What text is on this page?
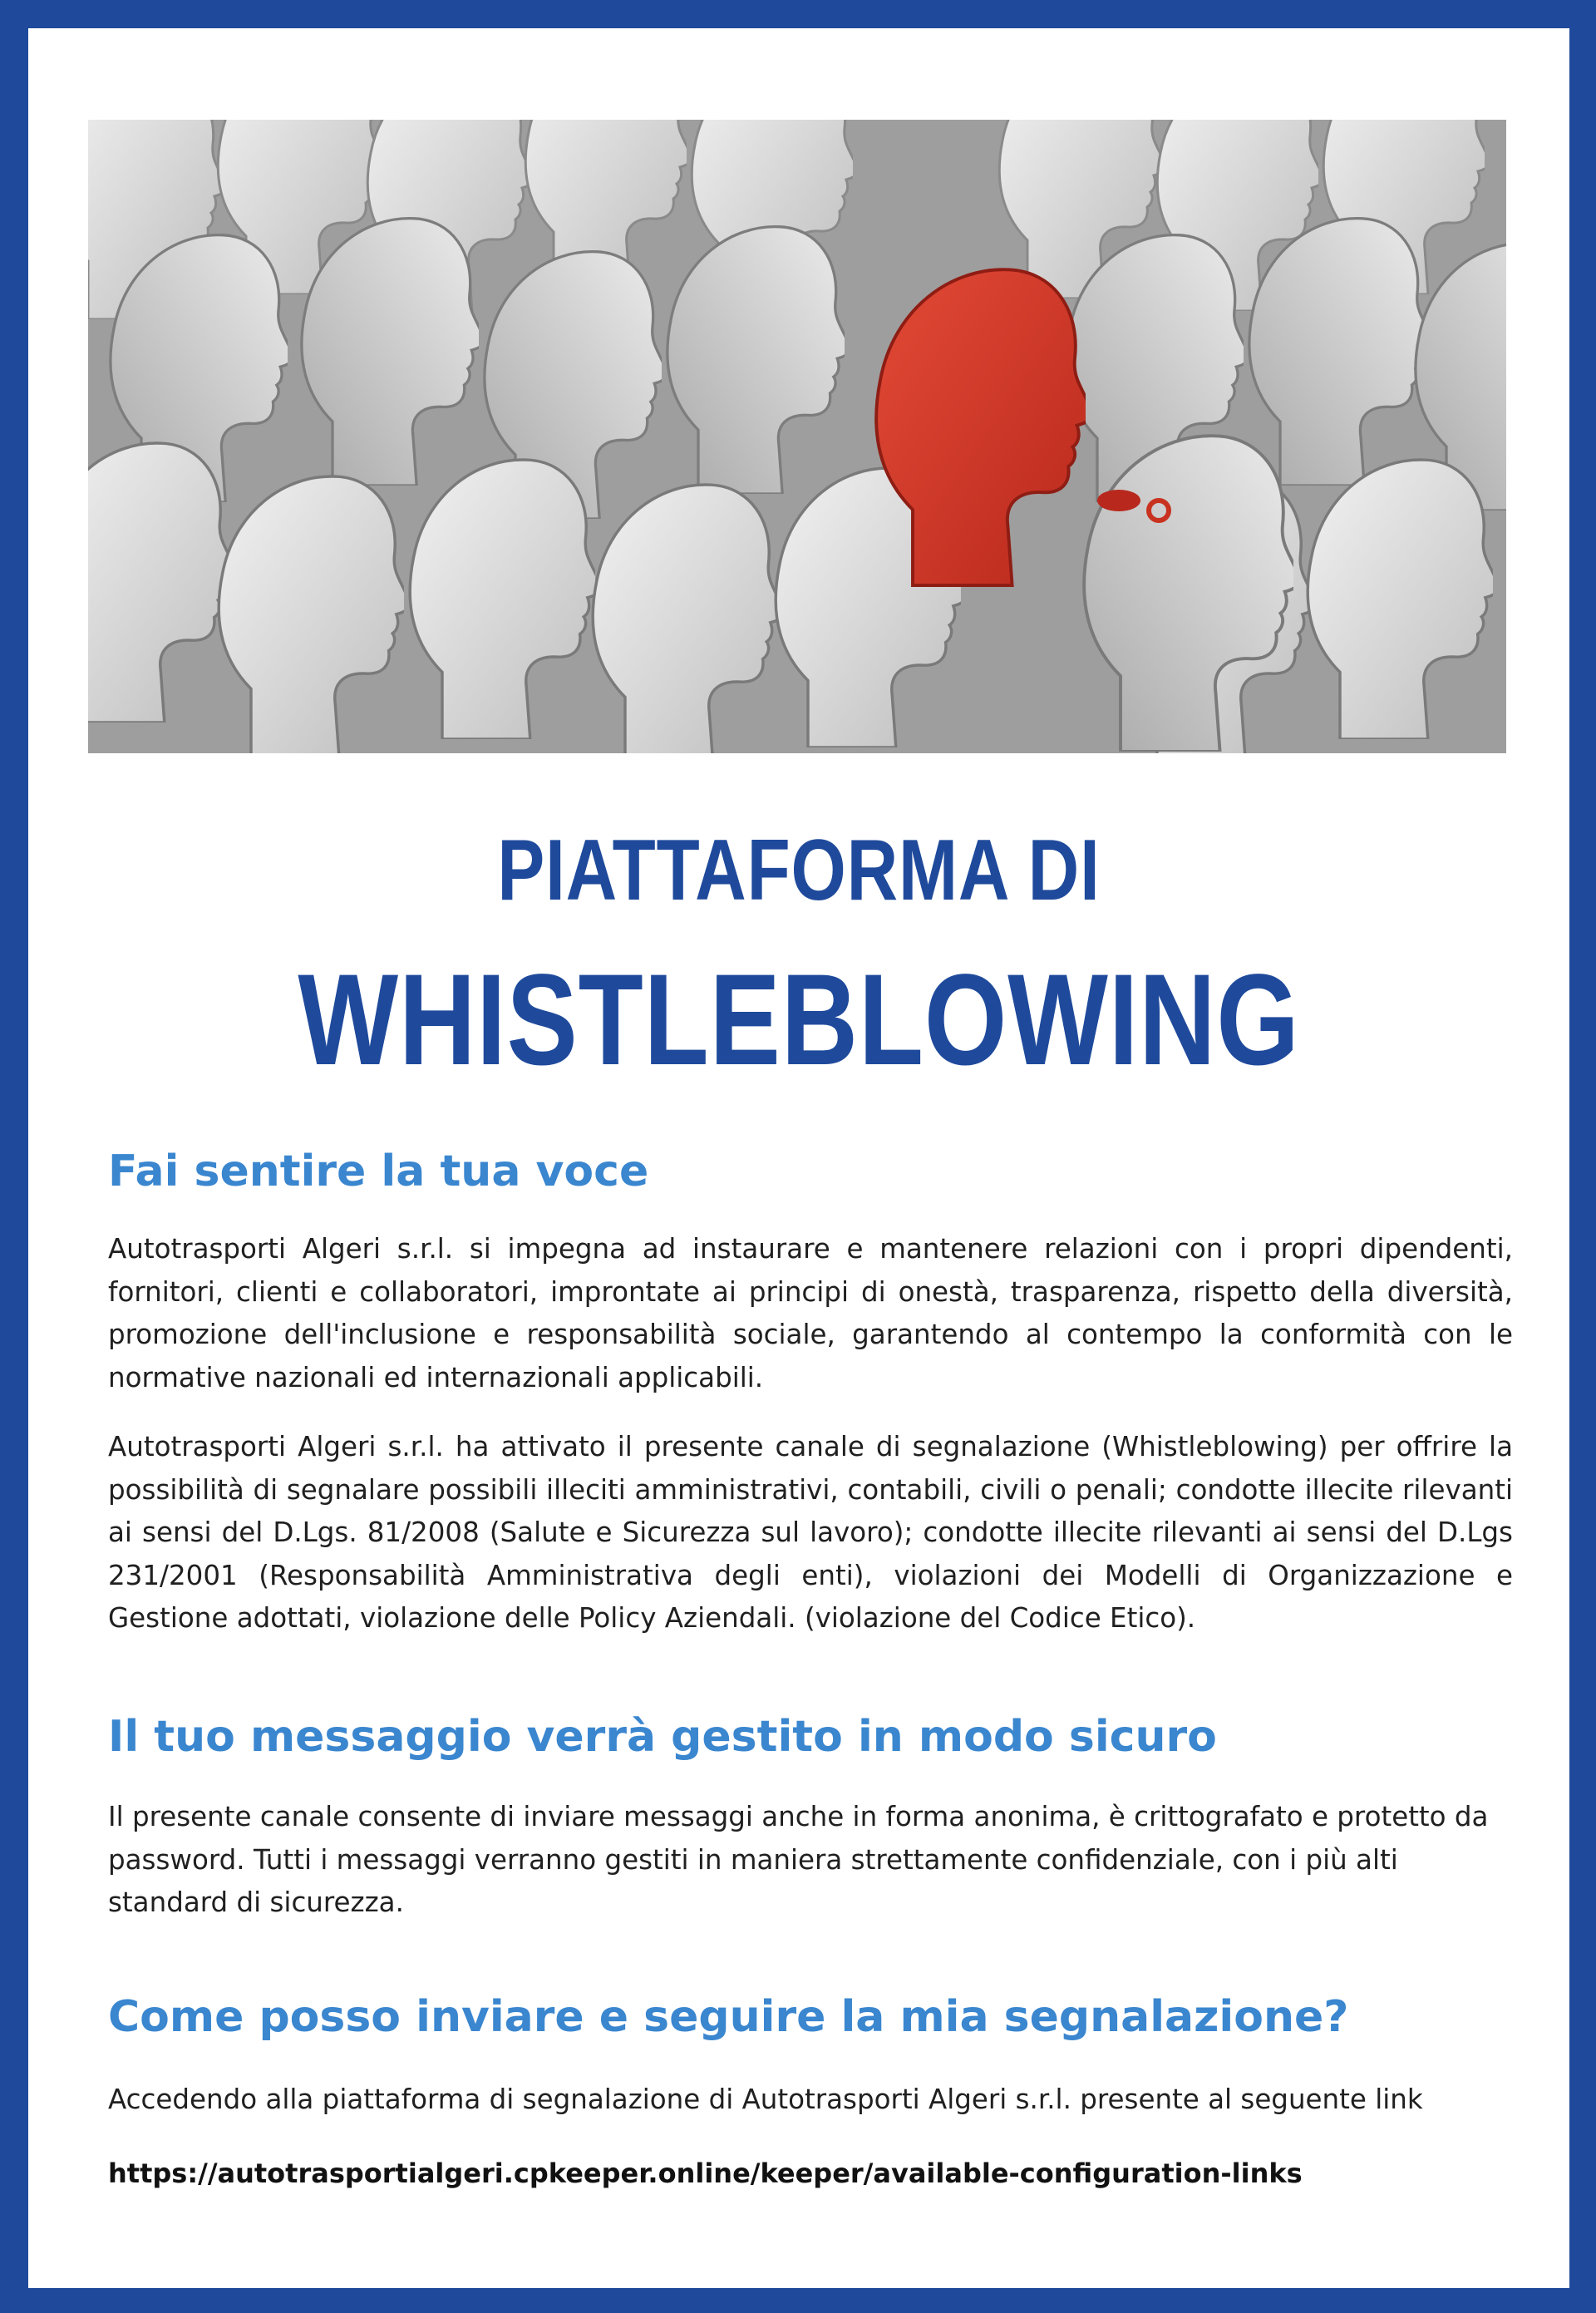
PIATTAFORMA DI
WHISTLEBLOWING
Fai sentire la tua voce

Autotrasporti Algeri s.r.l. si impegna ad instaurare e mantenere relazioni con i propri dipendenti, fornitori, clienti e collaboratori, improntate ai principi di onestà, trasparenza, rispetto della diversità, promozione dell'inclusione e responsabilità sociale, garantendo al contempo la conformità con le normative nazionali ed internazionali applicabili.

Autotrasporti Algeri s.r.l. ha attivato il presente canale di segnalazione (Whistleblowing) per offrire la possibilità di segnalare possibili illeciti amministrativi, contabili, civili o penali; condotte illecite rilevanti ai sensi del D.Lgs. 81/2008 (Salute e Sicurezza sul lavoro); condotte illecite rilevanti ai sensi del D.Lgs 231/2001 (Responsabilità Amministrativa degli enti), violazioni dei Modelli di Organizzazione e Gestione adottati, violazione delle Policy Aziendali. (violazione del Codice Etico).

Il tuo messaggio verrà gestito in modo sicuro

Il presente canale consente di inviare messaggi anche in forma anonima, è crittografato e protetto da password. Tutti i messaggi verranno gestiti in maniera strettamente confidenziale, con i più alti standard di sicurezza.

Come posso inviare e seguire la mia segnalazione?

Accedendo alla piattaforma di segnalazione di Autotrasporti Algeri s.r.l. presente al seguente link

https://autotrasportialgeri.cpkeeper.online/keeper/available-configuration-links
